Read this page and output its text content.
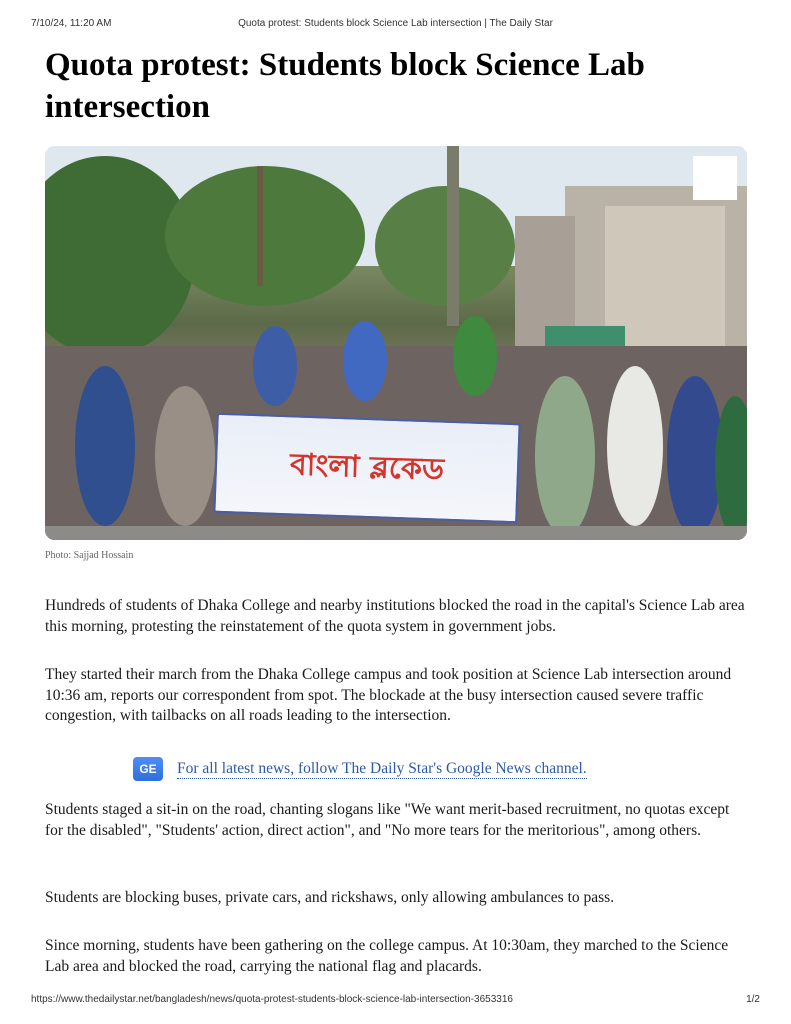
7/10/24, 11:20 AM	Quota protest: Students block Science Lab intersection | The Daily Star
Quota protest: Students block Science Lab intersection
বাংলা ব্লকেড
Photo: Sajjad Hossain

Hundreds of students of Dhaka College and nearby institutions blocked the road in the capital's Science Lab area this morning, protesting the reinstatement of the quota system in government jobs.

They started their march from the Dhaka College campus and took position at Science Lab intersection around 10:36 am, reports our correspondent from spot. The blockade at the busy intersection caused severe traffic congestion, with tailbacks on all roads leading to the intersection.

GE	For all latest news, follow The Daily Star's Google News channel.

Students staged a sit-in on the road, chanting slogans like "We want merit-based recruitment, no quotas except for the disabled", "Students' action, direct action", and "No more tears for the meritorious", among others.

Students are blocking buses, private cars, and rickshaws, only allowing ambulances to pass.

Since morning, students have been gathering on the college campus. At 10:30am, they marched to the Science Lab area and blocked the road, carrying the national flag and placards.

https://www.thedailystar.net/bangladesh/news/quota-protest-students-block-science-lab-intersection-3653316	1/2
